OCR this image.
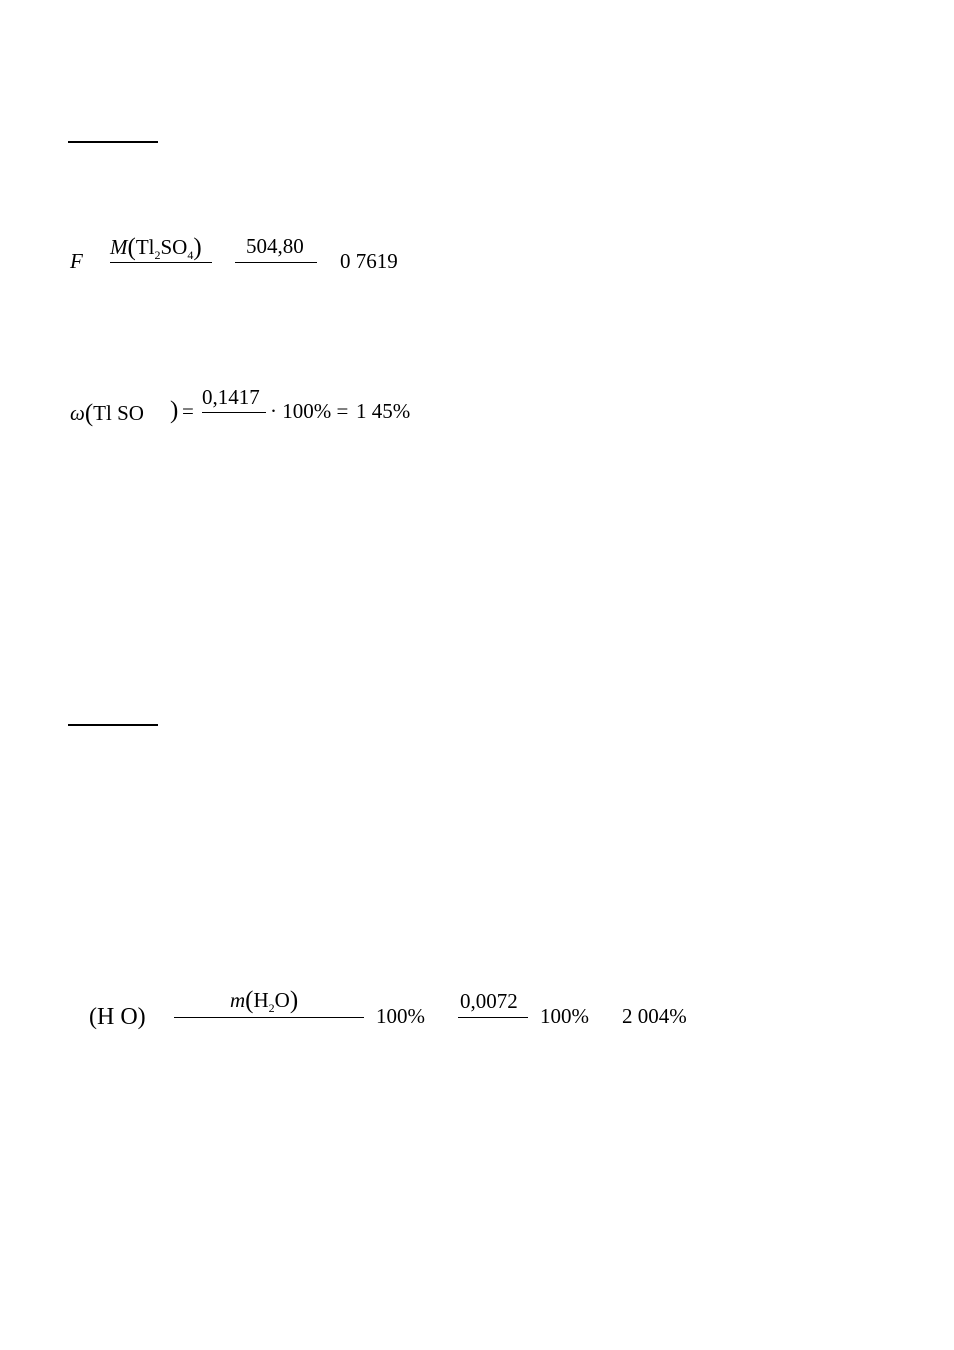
F
$M(Tl_2SO_4)$ 504,80
0 7619
ω(Tl SO ) =
0,1417
· 100% = 1 45%
(H O)
$m(H_2O)$
100%
0,0072
100% 2 004%
